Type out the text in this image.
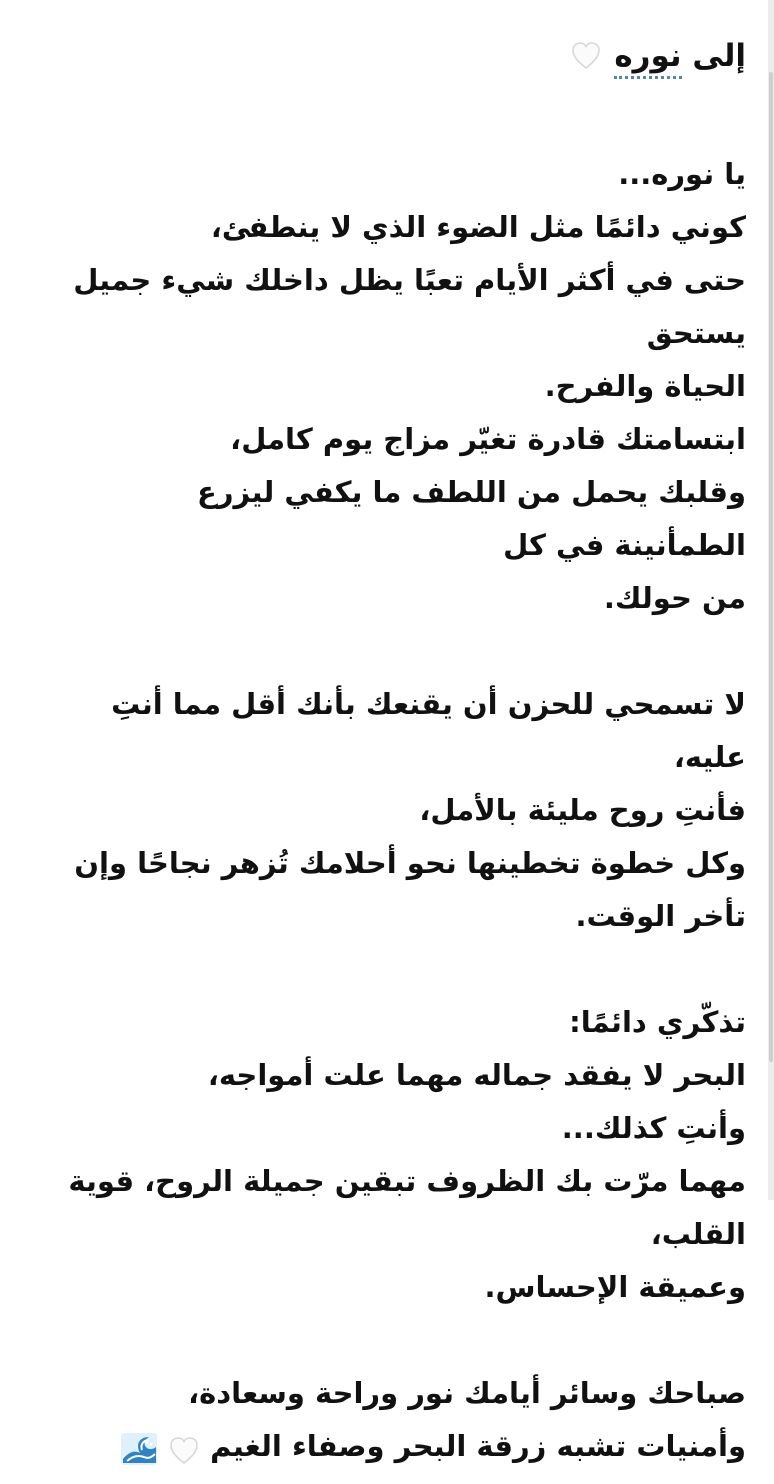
إلى نوره
يا نوره...
كوني دائمًا مثل الضوء الذي لا ينطفئ،
حتى في أكثر الأيام تعبًا يظل داخلك شيء جميل يستحق
الحياة والفرح.
ابتسامتك قادرة تغيّر مزاج يوم كامل،
وقلبك يحمل من اللطف ما يكفي ليزرع الطمأنينة في كل
من حولك.
لا تسمحي للحزن أن يقنعك بأنك أقل مما أنتِ عليه،
فأنتِ روح مليئة بالأمل،
وكل خطوة تخطينها نحو أحلامك تُزهر نجاحًا وإن
تأخر الوقت.
تذكّري دائمًا:
البحر لا يفقد جماله مهما علت أمواجه،
وأنتِ كذلك...
مهما مرّت بك الظروف تبقين جميلة الروح، قوية القلب،
وعميقة الإحساس.
صباحك وسائر أيامك نور وراحة وسعادة،
وأمنيات تشبه زرقة البحر وصفاء الغيم
